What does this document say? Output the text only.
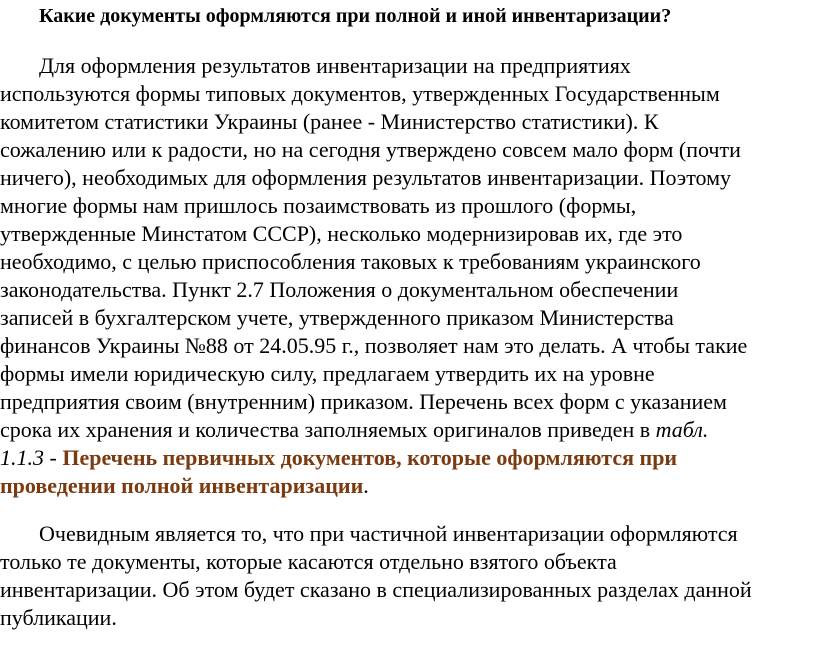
Какие документы оформляются при полной и иной инвентаризации?
Для оформления результатов инвентаризации на предприятиях
используются формы типовых документов, утвержденных Государственным
комитетом статистики Украины (ранее - Министерство статистики). К
сожалению или к радости, но на сегодня утверждено совсем мало форм (почти
ничего), необходимых для оформления результатов инвентаризации. Поэтому
многие формы нам пришлось позаимствовать из прошлого (формы,
утвержденные Минстатом СССР), несколько модернизировав их, где это
необходимо, с целью приспособления таковых к требованиям украинского
законодательства. Пункт 2.7 Положения о документальном обеспечении
записей в бухгалтерском учете, утвержденного приказом Министерства
финансов Украины №88 от 24.05.95 г., позволяет нам это делать. А чтобы такие
формы имели юридическую силу, предлагаем утвердить их на уровне
предприятия своим (внутренним) приказом. Перечень всех форм с указанием
срока их хранения и количества заполняемых оригиналов приведен в табл.
1.1.3 - Перечень первичных документов, которые оформляются при
проведении полной инвентаризации.
Очевидным является то, что при частичной инвентаризации оформляются
только те документы, которые касаются отдельно взятого объекта
инвентаризации. Об этом будет сказано в специализированных разделах данной
публикации.
